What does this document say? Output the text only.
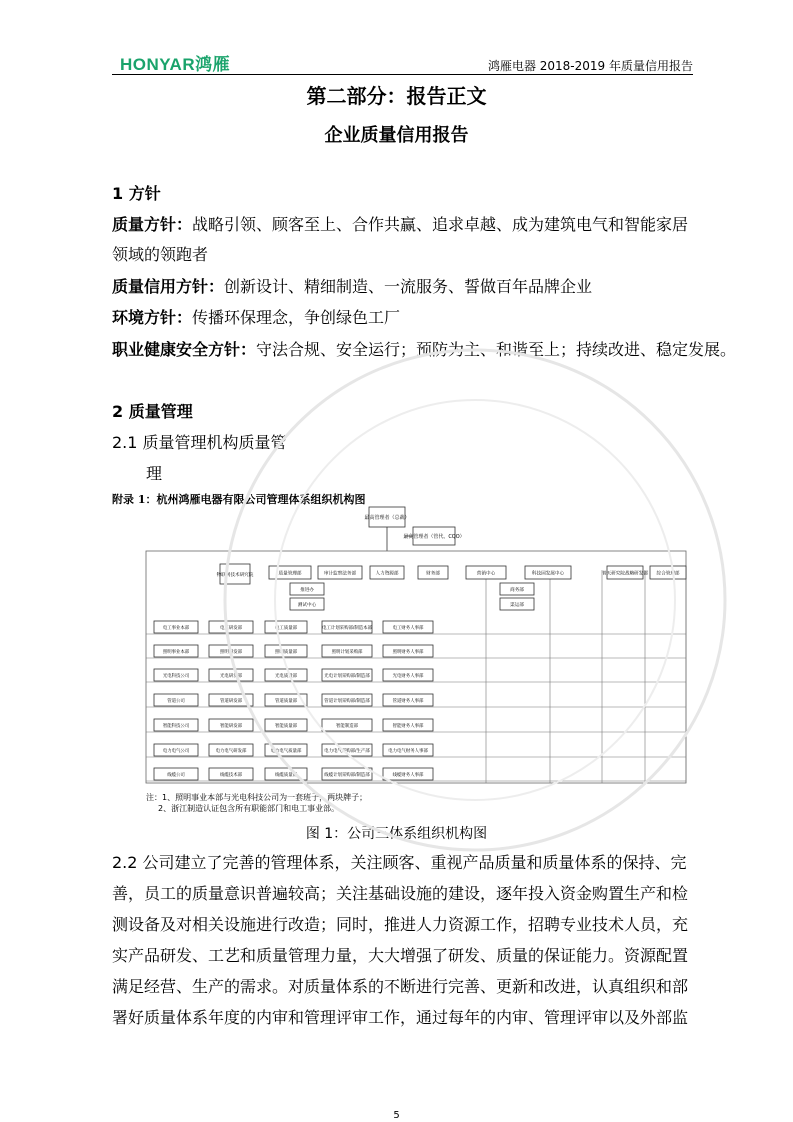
HONYAR鸿雁	鸿雁电器 2018-2019 年质量信用报告
第二部分：报告正文
企业质量信用报告
1 方针
质量方针：战略引领、顾客至上、合作共赢、追求卓越、成为建筑电气和智能家居
领域的领跑者
质量信用方针：创新设计、精细制造、一流服务、誓做百年品牌企业
环境方针：传播环保理念，争创绿色工厂
职业健康安全方针：守法合规、安全运行；预防为主、和谐至上；持续改进、稳定发展。
2 质量管理
2.1 质量管理机构质量管
理
附录 1：杭州鸿雁电器有限公司管理体系组织机构图
最高管理者（总裁）
最高管理者（管代、CQO）
物联网技术研究院	质量管理部	审计监察法务部	人力资源部	财务部	营销中心	科技园发展中心	普天研究院战略研发部 综合管理部
推进办
测试中心
商务部
渠运部
电工事业本部	电工研发部	电工质量部	电工计划采购部/制造本部	电工财务人事部
照明事业本部	照明研发部	照明质量部	照明计划采购部	照明财务人事部
光电科技公司	光电研发部	光电质量部	光电计划采购部/制造部	光电财务人事部
管道公司	管道研发部	管道质量部	管道计划采购部/制造部	管道财务人事部
智能科技公司	智能研发部	智能质量部	智能制造部	智能财务人事部
电力电气公司	电力电气研发部	电力电气质量部	电力电气采购部/生产部	电力电气财务人事部
线缆公司	线缆技术部	线缆质量部	线缆计划采购部/制造部	线缆财务人事部
注：1、照明事业本部与光电科技公司为一套班子，两块牌子；
2、浙江制造认证包含所有职能部门和电工事业部。
图 1：公司三体系组织机构图
2.2 公司建立了完善的管理体系，关注顾客、重视产品质量和质量体系的保持、完
善，员工的质量意识普遍较高；关注基础设施的建设，逐年投入资金购置生产和检
测设备及对相关设施进行改造；同时，推进人力资源工作，招聘专业技术人员，充
实产品研发、工艺和质量管理力量，大大增强了研发、质量的保证能力。资源配置
满足经营、生产的需求。对质量体系的不断进行完善、更新和改进，认真组织和部
署好质量体系年度的内审和管理评审工作，通过每年的内审、管理评审以及外部监
5
